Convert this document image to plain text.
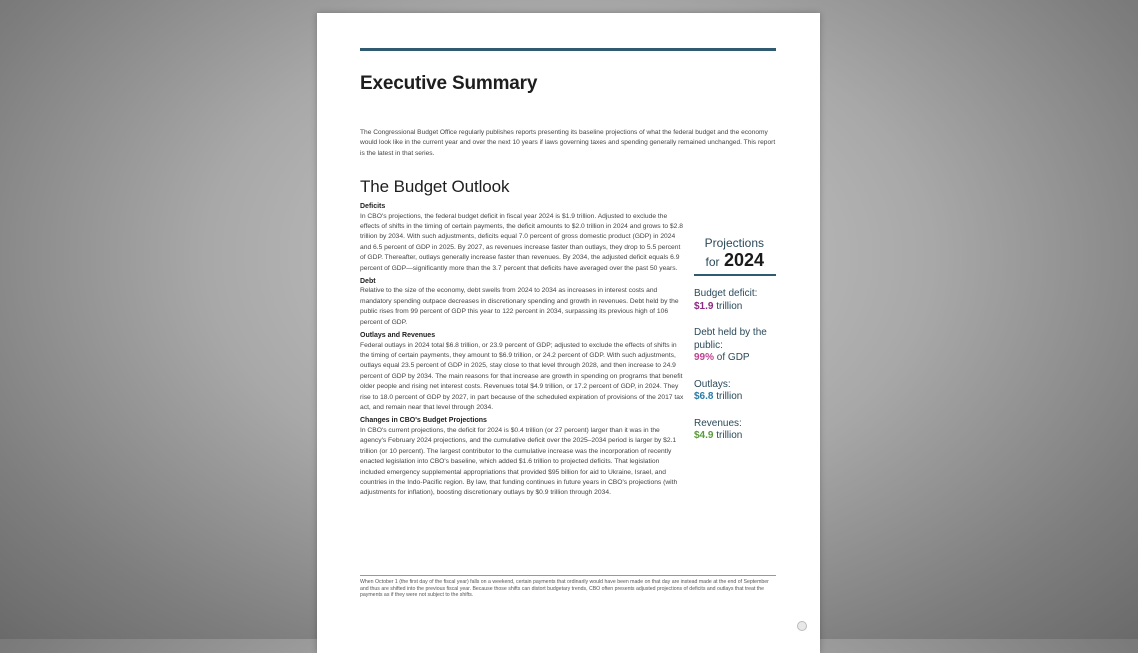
Executive Summary

The Congressional Budget Office regularly publishes reports presenting its baseline projections of what the federal budget and the economy would look like in the current year and over the next 10 years if laws governing taxes and spending generally remained unchanged. This report is the latest in that series.

The Budget Outlook

Deficits

In CBO's projections, the federal budget deficit in fiscal year 2024 is $1.9 trillion. Adjusted to exclude the effects of shifts in the timing of certain payments, the deficit amounts to $2.0 trillion in 2024 and grows to $2.8 trillion by 2034. With such adjustments, deficits equal 7.0 percent of gross domestic product (GDP) in 2024 and 6.5 percent of GDP in 2025. By 2027, as revenues increase faster than outlays, they drop to 5.5 percent of GDP. Thereafter, outlays generally increase faster than revenues. By 2034, the adjusted deficit equals 6.9 percent of GDP—significantly more than the 3.7 percent that deficits have averaged over the past 50 years.

Debt

Relative to the size of the economy, debt swells from 2024 to 2034 as increases in interest costs and mandatory spending outpace decreases in discretionary spending and growth in revenues. Debt held by the public rises from 99 percent of GDP this year to 122 percent in 2034, surpassing its previous high of 106 percent of GDP.

Outlays and Revenues

Federal outlays in 2024 total $6.8 trillion, or 23.9 percent of GDP; adjusted to exclude the effects of shifts in the timing of certain payments, they amount to $6.9 trillion, or 24.2 percent of GDP. With such adjustments, outlays equal 23.5 percent of GDP in 2025, stay close to that level through 2028, and then increase to 24.9 percent of GDP by 2034. The main reasons for that increase are growth in spending on programs that benefit older people and rising net interest costs. Revenues total $4.9 trillion, or 17.2 percent of GDP, in 2024. They rise to 18.0 percent of GDP by 2027, in part because of the scheduled expiration of provisions of the 2017 tax act, and remain near that level through 2034.

Changes in CBO's Budget Projections

In CBO's current projections, the deficit for 2024 is $0.4 trillion (or 27 percent) larger than it was in the agency's February 2024 projections, and the cumulative deficit over the 2025–2034 period is larger by $2.1 trillion (or 10 percent). The largest contributor to the cumulative increase was the incorporation of recently enacted legislation into CBO's baseline, which added $1.6 trillion to projected deficits. That legislation included emergency supplemental appropriations that provided $95 billion for aid to Ukraine, Israel, and countries in the Indo-Pacific region. By law, that funding continues in future years in CBO's projections (with adjustments for inflation), boosting discretionary outlays by $0.9 trillion through 2034.

Projections
for 2024
Budget deficit:
$1.9 trillion
Debt held by the public:
99% of GDP
Outlays:
$6.8 trillion
Revenues:
$4.9 trillion

When October 1 (the first day of the fiscal year) falls on a weekend, certain payments that ordinarily would have been made on that day are instead made at the end of September and thus are shifted into the previous fiscal year. Because those shifts can distort budgetary trends, CBO often presents adjusted projections of deficits and outlays that treat the payments as if they were not subject to the shifts.
